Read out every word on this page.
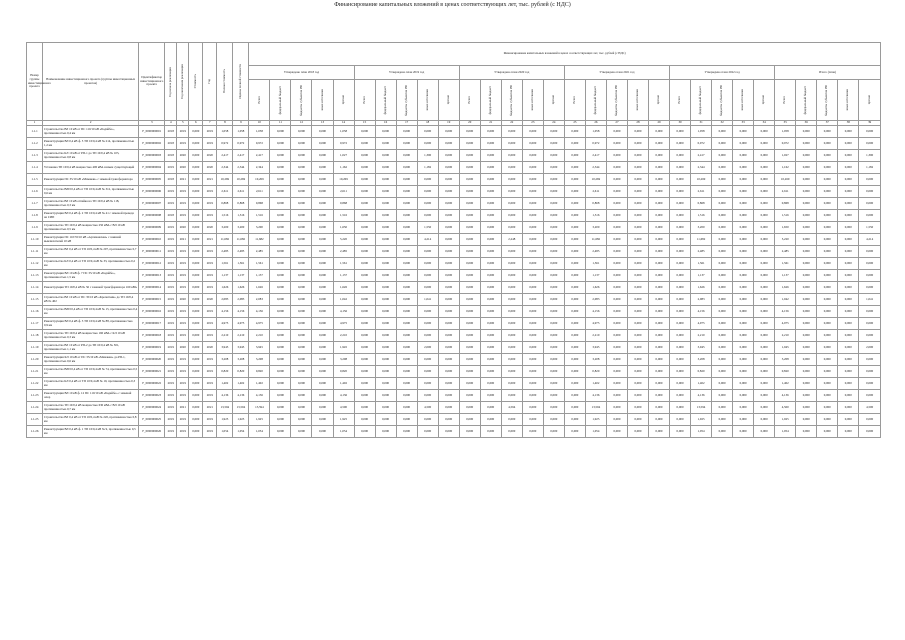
Финансирование капитальных вложений в ценах соответствующих лет, тыс. рублей (с НДС)
Номер группы инвестиционного проекта	Наименование инвестиционного проекта (группы инвестиционных проектов)	Идентификатор инвестиционного проекта	Год начала реализации	Год окончания реализации	Стоимость	Год	Полная стоимость	Оценка полной стоимости	Финансирование капитальных вложений в ценах соответствующих лет, тыс. рублей (с НДС)																													
									Утверждено план 2018 год					Утверждено план 2019 год					Утверждено план 2020 год					Утверждено план 2021 год					Утверждено план 2022 год					Итого (план)				

									Всего	федеральный бюджет	бюджеты субъектов РФ	иные источники	прочие	Всего	федеральный бюджет	бюджеты субъектов РФ	иные источники	прочие	Всего	федеральный бюджет	бюджеты субъектов РФ	иные источники	прочие	Всего	федеральный бюджет	бюджеты субъектов РФ	иные источники	прочие	Всего	федеральный бюджет	бюджеты субъектов РФ	иные источники	прочие	Всего	федеральный бюджет	бюджеты субъектов РФ	иные источники	прочие

1	2	3	4	5	6	7	8	9	10	11	12	13	14	15	16	17	18	19	20	21	22	23	24	25	26	27	28	29	30	31	32	33	34	35	36	37	38	39
1.1.1	Строительство ВЛ 10 кВ от ПС 110/10 кВ «Бодайбо», протяженностью 0,4 км	F_0000000001	2018	2019	0,000	2019	1,058	1,058	1,058	0,000	0,000	0,000	1,058	0,000	0,000	0,000	0,000	0,000	0,000	0,000	0,000	0,000	0,000	0,000	1,058	0,000	0,000	0,000	0,000	1,058	0,000	0,000	0,000	1,058	0,000	0,000	0,000	0,000
1.1.2	Реконструкция ВЛ 0,4 кВ ф. 5 ТП 10/0,4 кВ № 214, протяженностью 1,2 км	F_0000000002	2018	2019	0,000	2019	0,972	0,972	0,972	0,000	0,000	0,000	0,972	0,000	0,000	0,000	0,000	0,000	0,000	0,000	0,000	0,000	0,000	0,000	0,972	0,000	0,000	0,000	0,000	0,972	0,000	0,000	0,000	0,972	0,000	0,000	0,000	0,000
1.1.3	Строительство КЛ 10 кВ от РП-1 до ТП 10/0,4 кВ № 105, протяженностью 0,8 км	F_0000000003	2018	2020	0,000	2020	2,417	2,417	2,417	0,000	0,000	0,000	1,027	0,000	0,000	0,000	1,390	0,000	0,000	0,000	0,000	0,000	0,000	0,000	2,417	0,000	0,000	0,000	0,000	2,417	0,000	0,000	0,000	1,027	0,000	0,000	0,000	1,390
1.1.4	Установка ТП 10/0,4 кВ мощностью 400 кВА взамен существующей	F_0000000004	2019	2020	0,000	2020	2,344	2,344	2,344	0,000	0,000	0,000	1,162	0,000	0,000	0,000	1,182	0,000	0,000	0,000	0,000	0,000	0,000	0,000	2,344	0,000	0,000	0,000	0,000	2,344	0,000	0,000	0,000	1,162	0,000	0,000	0,000	1,182
1.1.5	Реконструкция ПС 35/10 кВ «Мамакан» с заменой трансформатора	F_0000000005	2018	2021	0,000	2021	10,269	10,269	10,269	0,000	0,000	0,000	10,269	0,000	0,000	0,000	0,000	0,000	0,000	0,000	0,000	0,000	0,000	0,000	10,269	0,000	0,000	0,000	0,000	10,269	0,000	0,000	0,000	10,269	0,000	0,000	0,000	0,000
1.1.6	Строительство ВЛИ 0,4 кВ от ТП 10/0,4 кВ № 312, протяженностью 0,6 км	F_0000000006	2019	2019	0,000	2019	2,611	2,611	2,611	0,000	0,000	0,000	2,611	0,000	0,000	0,000	0,000	0,000	0,000	0,000	0,000	0,000	0,000	0,000	2,611	0,000	0,000	0,000	0,000	2,611	0,000	0,000	0,000	2,611	0,000	0,000	0,000	0,000
1.1.7	Строительство ВЛ 10 кВ отпайка на ТП 10/0,4 кВ № 118, протяженностью 0,3 км	F_0000000007	2019	2019	0,000	2019	0,868	0,868	0,868	0,000	0,000	0,000	0,868	0,000	0,000	0,000	0,000	0,000	0,000	0,000	0,000	0,000	0,000	0,000	0,868	0,000	0,000	0,000	0,000	0,868	0,000	0,000	0,000	0,868	0,000	0,000	0,000	0,000
1.1.8	Реконструкция ВЛ 0,4 кВ ф. 2 ТП 10/0,4 кВ № 41 с заменой провода на СИП	F_0000000008	2018	2019	0,000	2019	1,516	1,516	1,516	0,000	0,000	0,000	1,516	0,000	0,000	0,000	0,000	0,000	0,000	0,000	0,000	0,000	0,000	0,000	1,516	0,000	0,000	0,000	0,000	1,516	0,000	0,000	0,000	1,516	0,000	0,000	0,000	0,000
1.1.9	Строительство ТП 10/0,4 кВ мощностью 250 кВА с ВЛ 10 кВ протяженностью 0,5 км	F_0000000009	2019	2020	0,000	2020	3,200	3,200	3,200	0,000	0,000	0,000	1,650	0,000	0,000	0,000	1,550	0,000	0,000	0,000	0,000	0,000	0,000	0,000	3,200	0,000	0,000	0,000	0,000	3,200	0,000	0,000	0,000	1,650	0,000	0,000	0,000	1,550
1.1.10	Реконструкция ПС 110/35/10 кВ «Артемовская» с заменой выключателей 10 кВ	F_0000000010	2019	2021	0,000	2021	11,682	11,682	11,682	0,000	0,000	0,000	5,220	0,000	0,000	0,000	4,214	0,000	0,000	0,000	2,248	0,000	0,000	0,000	11,682	0,000	0,000	0,000	0,000	11,682	0,000	0,000	0,000	5,220	0,000	0,000	0,000	4,214
1.1.11	Строительство ВЛ 0,4 кВ от ТП 10/0,4 кВ № 207, протяженностью 0,7 км	F_0000000011	2019	2019	0,000	2019	2,485	2,485	2,485	0,000	0,000	0,000	2,485	0,000	0,000	0,000	0,000	0,000	0,000	0,000	0,000	0,000	0,000	0,000	2,485	0,000	0,000	0,000	0,000	2,485	0,000	0,000	0,000	2,485	0,000	0,000	0,000	0,000
1.1.12	Строительство КЛ 0,4 кВ от ТП 10/0,4 кВ № 33, протяженностью 0,2 км	F_0000000012	2019	2019	0,000	2019	1,561	1,561	1,561	0,000	0,000	0,000	1,561	0,000	0,000	0,000	0,000	0,000	0,000	0,000	0,000	0,000	0,000	0,000	1,561	0,000	0,000	0,000	0,000	1,561	0,000	0,000	0,000	1,561	0,000	0,000	0,000	0,000
1.1.13	Реконструкция ВЛ 10 кВ ф. 7 ПС 35/10 кВ «Бодайбо», протяженностью 1,5 км	F_0000000013	2019	2019	0,000	2019	1,137	1,137	1,137	0,000	0,000	0,000	1,137	0,000	0,000	0,000	0,000	0,000	0,000	0,000	0,000	0,000	0,000	0,000	1,137	0,000	0,000	0,000	0,000	1,137	0,000	0,000	0,000	1,137	0,000	0,000	0,000	0,000
1.1.14	Реконструкция ТП 10/0,4 кВ № 56 с заменой трансформатора 160 кВА	F_0000000014	2019	2019	0,000	2019	1,626	1,626	1,626	0,000	0,000	0,000	1,626	0,000	0,000	0,000	0,000	0,000	0,000	0,000	0,000	0,000	0,000	0,000	1,626	0,000	0,000	0,000	0,000	1,626	0,000	0,000	0,000	1,626	0,000	0,000	0,000	0,000
1.1.15	Строительство ВЛ 10 кВ от ПС 35/10 кВ «Кропоткин» до ТП 10/0,4 кВ № 402	F_0000000015	2019	2020	0,000	2020	2,083	2,083	2,083	0,000	0,000	0,000	1,042	0,000	0,000	0,000	1,041	0,000	0,000	0,000	0,000	0,000	0,000	0,000	2,083	0,000	0,000	0,000	0,000	2,083	0,000	0,000	0,000	1,042	0,000	0,000	0,000	1,041
1.1.16	Строительство ВЛИ 0,4 кВ от ТП 10/0,4 кВ № 15, протяженностью 0,4 км	F_0000000016	2019	2019	0,000	2019	4,156	4,156	4,156	0,000	0,000	0,000	4,156	0,000	0,000	0,000	0,000	0,000	0,000	0,000	0,000	0,000	0,000	0,000	4,156	0,000	0,000	0,000	0,000	4,156	0,000	0,000	0,000	4,156	0,000	0,000	0,000	0,000
1.1.17	Реконструкция ВЛ 0,4 кВ ф. 3 ТП 10/0,4 кВ № 88, протяженностью 0,9 км	F_0000000017	2019	2019	0,000	2019	4,975	4,975	4,975	0,000	0,000	0,000	4,975	0,000	0,000	0,000	0,000	0,000	0,000	0,000	0,000	0,000	0,000	0,000	4,975	0,000	0,000	0,000	0,000	4,975	0,000	0,000	0,000	4,975	0,000	0,000	0,000	0,000
1.1.18	Строительство ТП 10/0,4 кВ мощностью 160 кВА с КЛ 10 кВ протяженностью 0,3 км	F_0000000018	2019	2019	0,000	2019	2,210	2,210	2,210	0,000	0,000	0,000	2,210	0,000	0,000	0,000	0,000	0,000	0,000	0,000	0,000	0,000	0,000	0,000	2,210	0,000	0,000	0,000	0,000	2,210	0,000	0,000	0,000	2,210	0,000	0,000	0,000	0,000
1.1.19	Строительство ВЛ 10 кВ от РП-2 до ТП 10/0,4 кВ № 501, протяженностью 1,1 км	F_0000000019	2019	2020	0,000	2020	3,945	3,945	3,945	0,000	0,000	0,000	1,945	0,000	0,000	0,000	2,000	0,000	0,000	0,000	0,000	0,000	0,000	0,000	3,945	0,000	0,000	0,000	0,000	3,945	0,000	0,000	0,000	1,945	0,000	0,000	0,000	2,000
1.1.20	Реконструкция КЛ 10 кВ от ПС 35/10 кВ «Мамакан» до РП-1, протяженностью 0,6 км	F_0000000020	2019	2019	0,000	2019	3,208	3,208	3,208	0,000	0,000	0,000	3,208	0,000	0,000	0,000	0,000	0,000	0,000	0,000	0,000	0,000	0,000	0,000	3,208	0,000	0,000	0,000	0,000	3,208	0,000	0,000	0,000	3,208	0,000	0,000	0,000	0,000
1.1.21	Строительство ВЛИ 0,4 кВ от ТП 10/0,4 кВ № 74, протяженностью 0,5 км	F_0000000021	2019	2019	0,000	2019	0,820	0,820	0,820	0,000	0,000	0,000	0,820	0,000	0,000	0,000	0,000	0,000	0,000	0,000	0,000	0,000	0,000	0,000	0,820	0,000	0,000	0,000	0,000	0,820	0,000	0,000	0,000	0,820	0,000	0,000	0,000	0,000
1.1.22	Строительство КЛ 0,4 кВ от ТП 10/0,4 кВ № 19, протяженностью 0,3 км	F_0000000022	2019	2019	0,000	2019	1,402	1,402	1,402	0,000	0,000	0,000	1,402	0,000	0,000	0,000	0,000	0,000	0,000	0,000	0,000	0,000	0,000	0,000	1,402	0,000	0,000	0,000	0,000	1,402	0,000	0,000	0,000	1,402	0,000	0,000	0,000	0,000
1.1.23	Реконструкция ВЛ 10 кВ ф. 12 ПС 110/10 кВ «Бодайбо» с заменой опор	F_0000000023	2019	2019	0,000	2019	4,136	4,136	4,136	0,000	0,000	0,000	4,136	0,000	0,000	0,000	0,000	0,000	0,000	0,000	0,000	0,000	0,000	0,000	4,136	0,000	0,000	0,000	0,000	4,136	0,000	0,000	0,000	4,136	0,000	0,000	0,000	0,000
1.1.24	Строительство ТП 10/0,4 кВ мощностью 630 кВА с ВЛ 10 кВ протяженностью 0,7 км	F_0000000024	2019	2021	0,000	2021	13,594	13,594	13,594	0,000	0,000	0,000	4,500	0,000	0,000	0,000	4,500	0,000	0,000	0,000	4,594	0,000	0,000	0,000	13,594	0,000	0,000	0,000	0,000	13,594	0,000	0,000	0,000	4,500	0,000	0,000	0,000	4,500
1.1.25	Строительство ВЛ 0,4 кВ от ТП 10/0,4 кВ № 220, протяженностью 0,8 км	F_0000000025	2019	2019	0,000	2019	1,925	1,925	1,925	0,000	0,000	0,000	1,925	0,000	0,000	0,000	0,000	0,000	0,000	0,000	0,000	0,000	0,000	0,000	1,925	0,000	0,000	0,000	0,000	1,925	0,000	0,000	0,000	1,925	0,000	0,000	0,000	0,000
1.1.26	Реконструкция ВЛ 0,4 кВ ф. 1 ТП 10/0,4 кВ № 9, протяженностью 0,5 км	F_0000000026	2019	2019	0,000	2019	1,054	1,054	1,054	0,000	0,000	0,000	1,054	0,000	0,000	0,000	0,000	0,000	0,000	0,000	0,000	0,000	0,000	0,000	1,054	0,000	0,000	0,000	0,000	1,054	0,000	0,000	0,000	1,054	0,000	0,000	0,000	0,000
